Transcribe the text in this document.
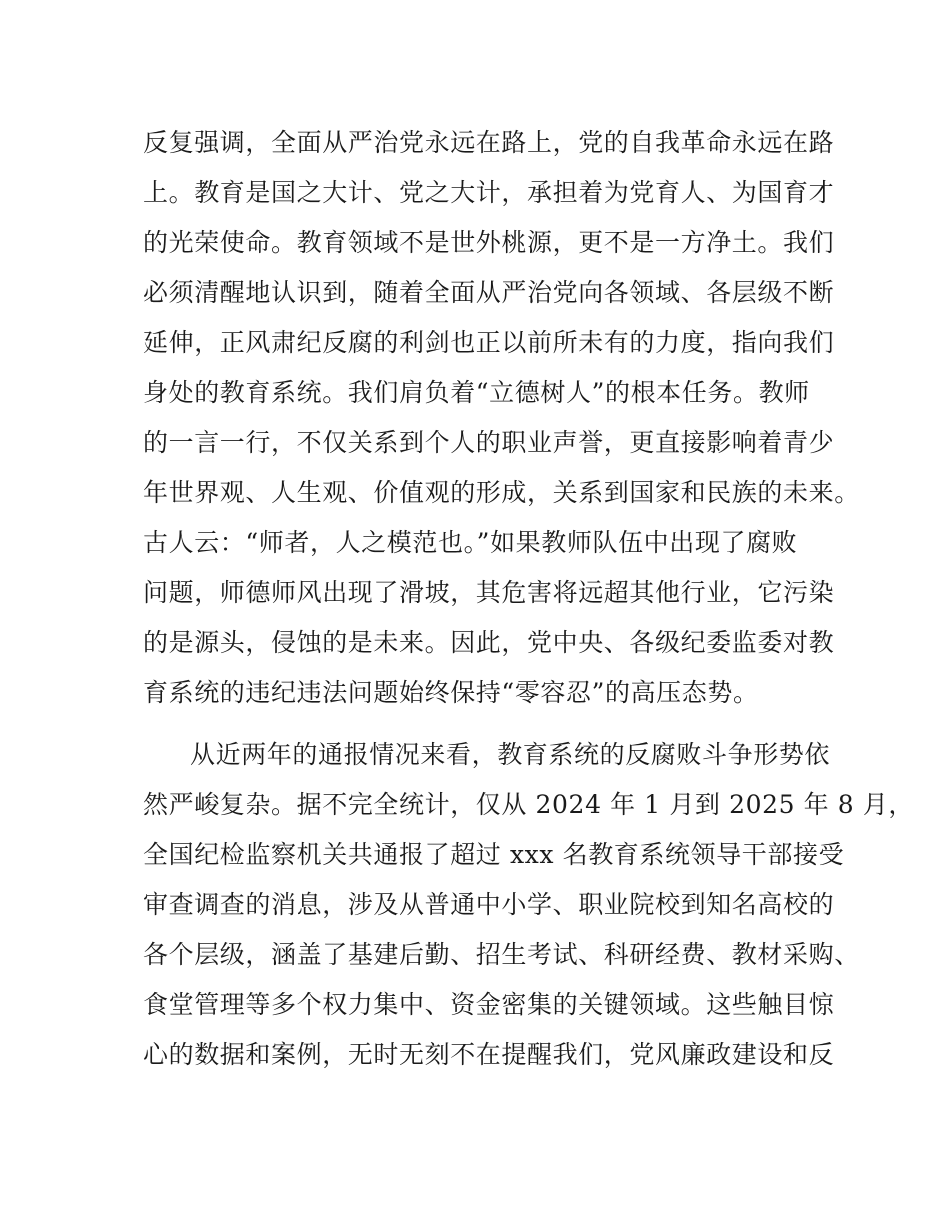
反复强调，全面从严治党永远在路上，党的自我革命永远在路
上。教育是国之大计、党之大计，承担着为党育人、为国育才
的光荣使命。教育领域不是世外桃源，更不是一方净土。我们
必须清醒地认识到，随着全面从严治党向各领域、各层级不断
延伸，正风肃纪反腐的利剑也正以前所未有的力度，指向我们
身处的教育系统。我们肩负着“立德树人”的根本任务。教师
的一言一行，不仅关系到个人的职业声誉，更直接影响着青少
年世界观、人生观、价值观的形成，关系到国家和民族的未来。
古人云：“师者，人之模范也。”如果教师队伍中出现了腐败
问题，师德师风出现了滑坡，其危害将远超其他行业，它污染
的是源头，侵蚀的是未来。因此，党中央、各级纪委监委对教
育系统的违纪违法问题始终保持“零容忍”的高压态势。
从近两年的通报情况来看，教育系统的反腐败斗争形势依
然严峻复杂。据不完全统计，仅从 2024 年 1 月到 2025 年 8 月，
全国纪检监察机关共通报了超过 xxx 名教育系统领导干部接受
审查调查的消息，涉及从普通中小学、职业院校到知名高校的
各个层级，涵盖了基建后勤、招生考试、科研经费、教材采购、
食堂管理等多个权力集中、资金密集的关键领域。这些触目惊
心的数据和案例，无时无刻不在提醒我们，党风廉政建设和反
